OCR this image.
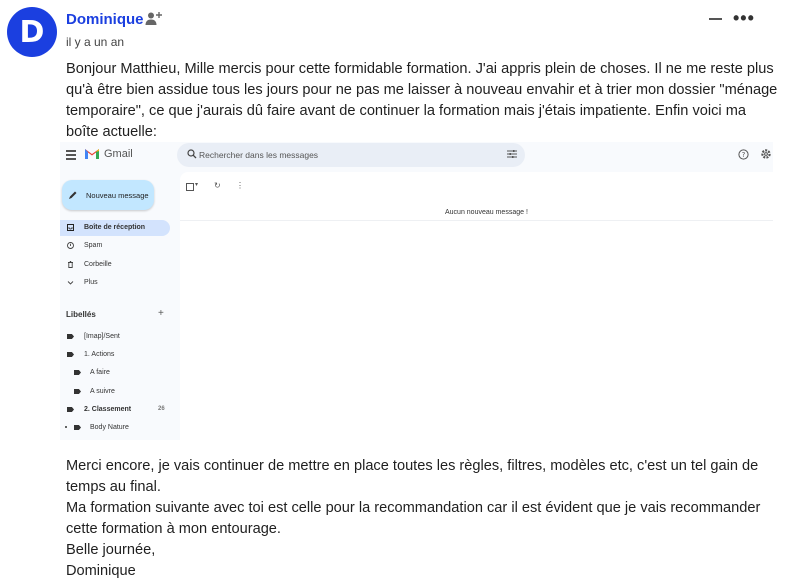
D	Dominique
il y a un an
•••

Bonjour Matthieu, Mille mercis pour cette formidable formation. J'ai appris plein de choses. Il ne me reste plus qu'à être bien assidue tous les jours pour ne pas me laisser à nouveau envahir et à trier mon dossier "ménage temporaire", ce que j'aurais dû faire avant de continuer la formation mais j'étais impatiente. Enfin voici ma boîte actuelle:

Gmail	Rechercher dans les messages	?
Nouveau message
Boîte de réception
Spam
Corbeille
Plus
Libellés	+
[Imap]/Sent
1. Actions
A faire
A suivre
2. Classement	26
Body Nature
▾ ↻ ⋮
Aucun nouveau message !
Merci encore, je vais continuer de mettre en place toutes les règles, filtres, modèles etc, c'est un tel gain de temps au final.
Ma formation suivante avec toi est celle pour la recommandation car il est évident que je vais recommander cette formation à mon entourage.
Belle journée,
Dominique
